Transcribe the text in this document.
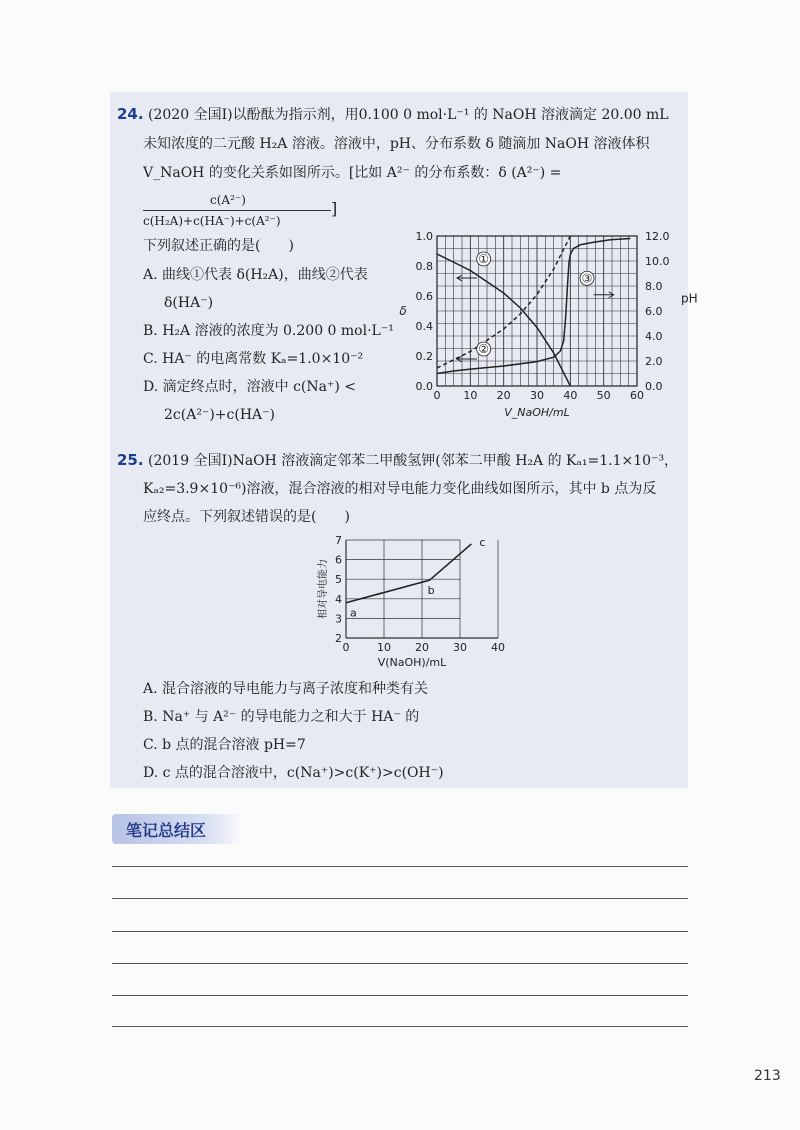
24. (2020 全国Ⅰ)以酚酞为指示剂，用0.100 0 mol·L⁻¹ 的 NaOH 溶液滴定 20.00 mL
未知浓度的二元酸 H₂A 溶液。溶液中，pH、分布系数 δ 随滴加 NaOH 溶液体积
V_NaOH 的变化关系如图所示。[比如 A²⁻ 的分布系数：δ (A²⁻) =
c(A²⁻)
c(H₂A)+c(HA⁻)+c(A²⁻)
]
下列叙述正确的是(　　)
A. 曲线①代表 δ(H₂A)，曲线②代表
δ(HA⁻)
B. H₂A 溶液的浓度为 0.200 0 mol·L⁻¹
C. HA⁻ 的电离常数 Kₐ=1.0×10⁻²
D. 滴定终点时，溶液中 c(Na⁺) <
2c(A²⁻)+c(HA⁻)
0 10 20 30 40 50 60
0.0
0.2
0.4
0.6
0.8
1.0
0.0
2.0
4.0
6.0
8.0
10.0
12.0
V_NaOH/mL
δ
pH
①
②
③
25. (2019 全国Ⅰ)NaOH 溶液滴定邻苯二甲酸氢钾(邻苯二甲酸 H₂A 的 Kₐ₁=1.1×10⁻³，
Kₐ₂=3.9×10⁻⁶)溶液，混合溶液的相对导电能力变化曲线如图所示，其中 b 点为反
应终点。下列叙述错误的是(　　)
a
b
c
0	10 20 30 40
2
3
4
5
6
7
V(NaOH)/mL
相对导电能力
A. 混合溶液的导电能力与离子浓度和种类有关
B. Na⁺ 与 A²⁻ 的导电能力之和大于 HA⁻ 的
C. b 点的混合溶液 pH=7
D. c 点的混合溶液中，c(Na⁺)>c(K⁺)>c(OH⁻)
笔记总结区
213
